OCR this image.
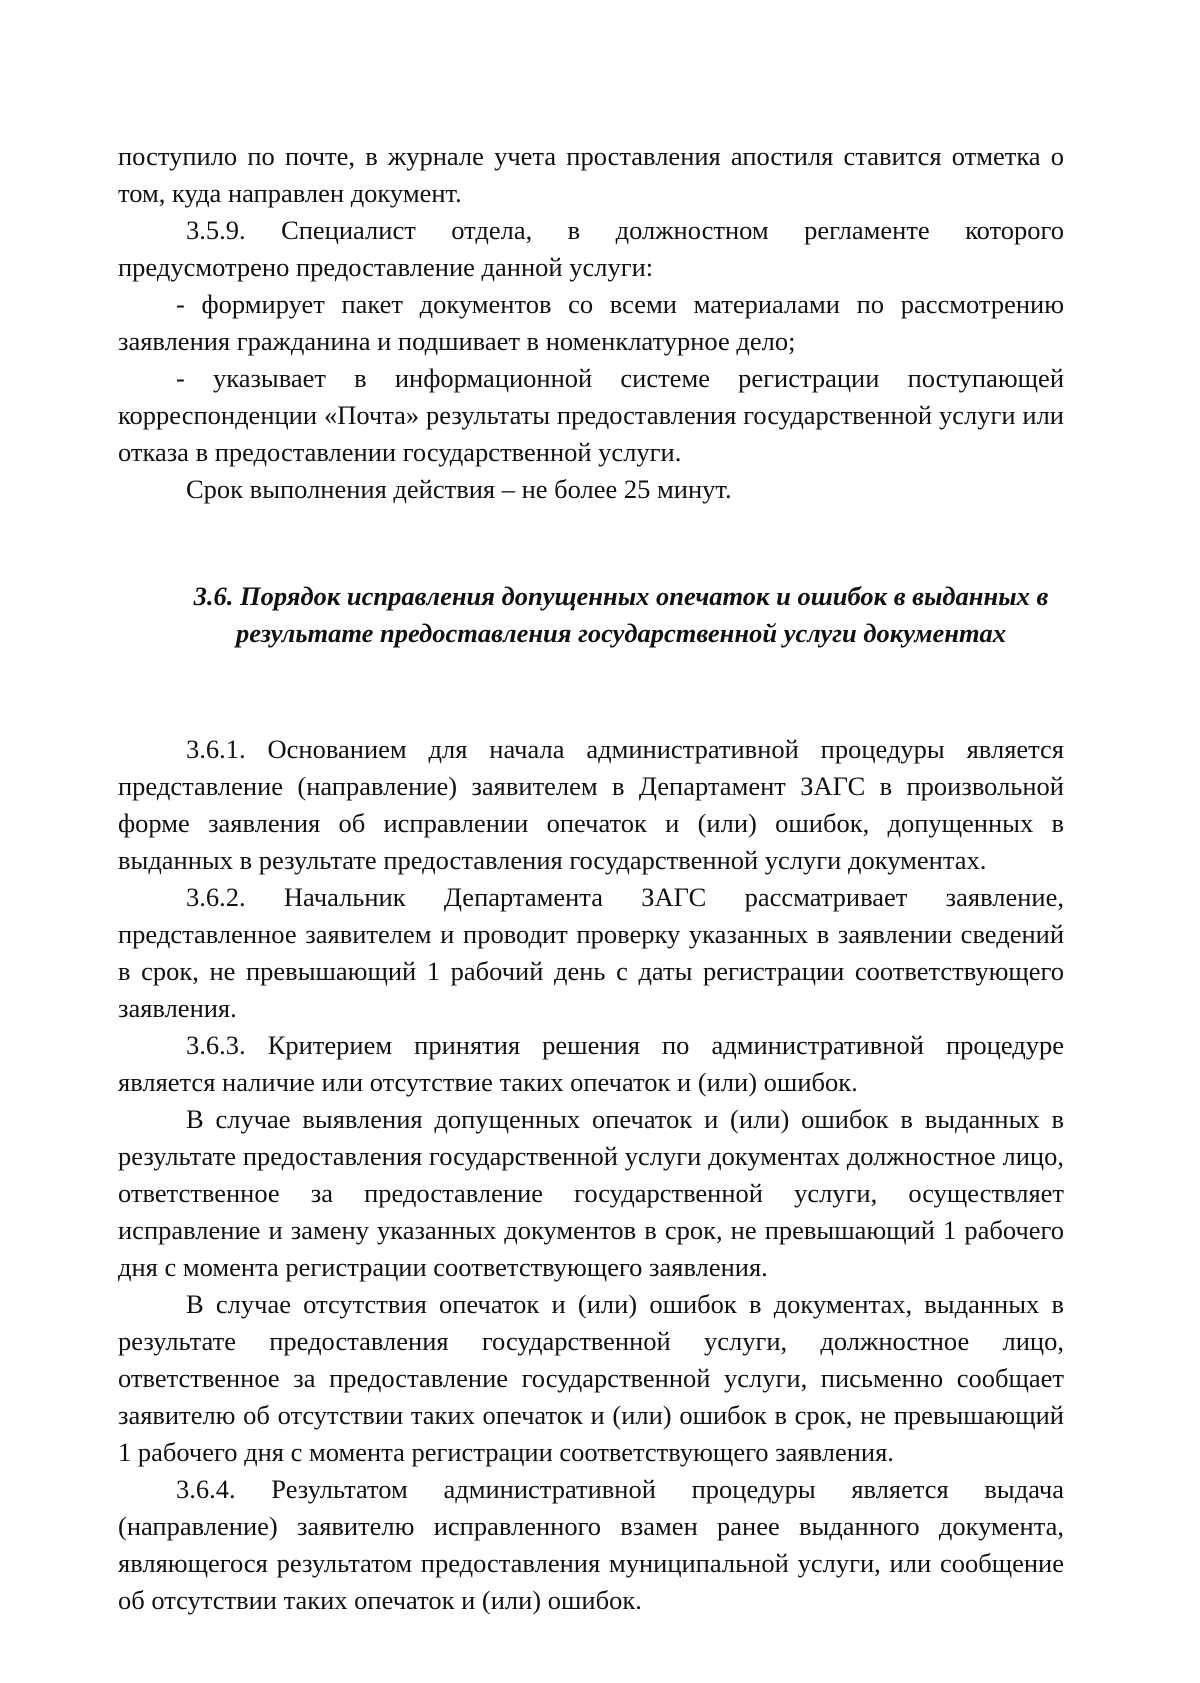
поступило по почте, в журнале учета проставления апостиля ставится отметка о том, куда направлен документ.

3.5.9. Специалист отдела, в должностном регламенте которого предусмотрено предоставление данной услуги:

- формирует пакет документов со всеми материалами по рассмотрению заявления гражданина и подшивает в номенклатурное дело;

- указывает в информационной системе регистрации поступающей корреспонденции «Почта» результаты предоставления государственной услуги или отказа в предоставлении государственной услуги.

Срок выполнения действия – не более 25 минут.

3.6. Порядок исправления допущенных опечаток и ошибок в выданных в
результате предоставления государственной услуги документах

3.6.1. Основанием для начала административной процедуры является представление (направление) заявителем в Департамент ЗАГС в произвольной форме заявления об исправлении опечаток и (или) ошибок, допущенных в выданных в результате предоставления государственной услуги документах.

3.6.2. Начальник Департамента ЗАГС рассматривает заявление, представленное заявителем и проводит проверку указанных в заявлении сведений в срок, не превышающий 1 рабочий день с даты регистрации соответствующего заявления.

3.6.3. Критерием принятия решения по административной процедуре является наличие или отсутствие таких опечаток и (или) ошибок.

В случае выявления допущенных опечаток и (или) ошибок в выданных в результате предоставления государственной услуги документах должностное лицо, ответственное за предоставление государственной услуги, осуществляет исправление и замену указанных документов в срок, не превышающий 1 рабочего дня с момента регистрации соответствующего заявления.

В случае отсутствия опечаток и (или) ошибок в документах, выданных в результате предоставления государственной услуги, должностное лицо, ответственное за предоставление государственной услуги, письменно сообщает заявителю об отсутствии таких опечаток и (или) ошибок в срок, не превышающий 1 рабочего дня с момента регистрации соответствующего заявления.

3.6.4. Результатом административной процедуры является выдача (направление) заявителю исправленного взамен ранее выданного документа, являющегося результатом предоставления муниципальной услуги, или сообщение об отсутствии таких опечаток и (или) ошибок.
